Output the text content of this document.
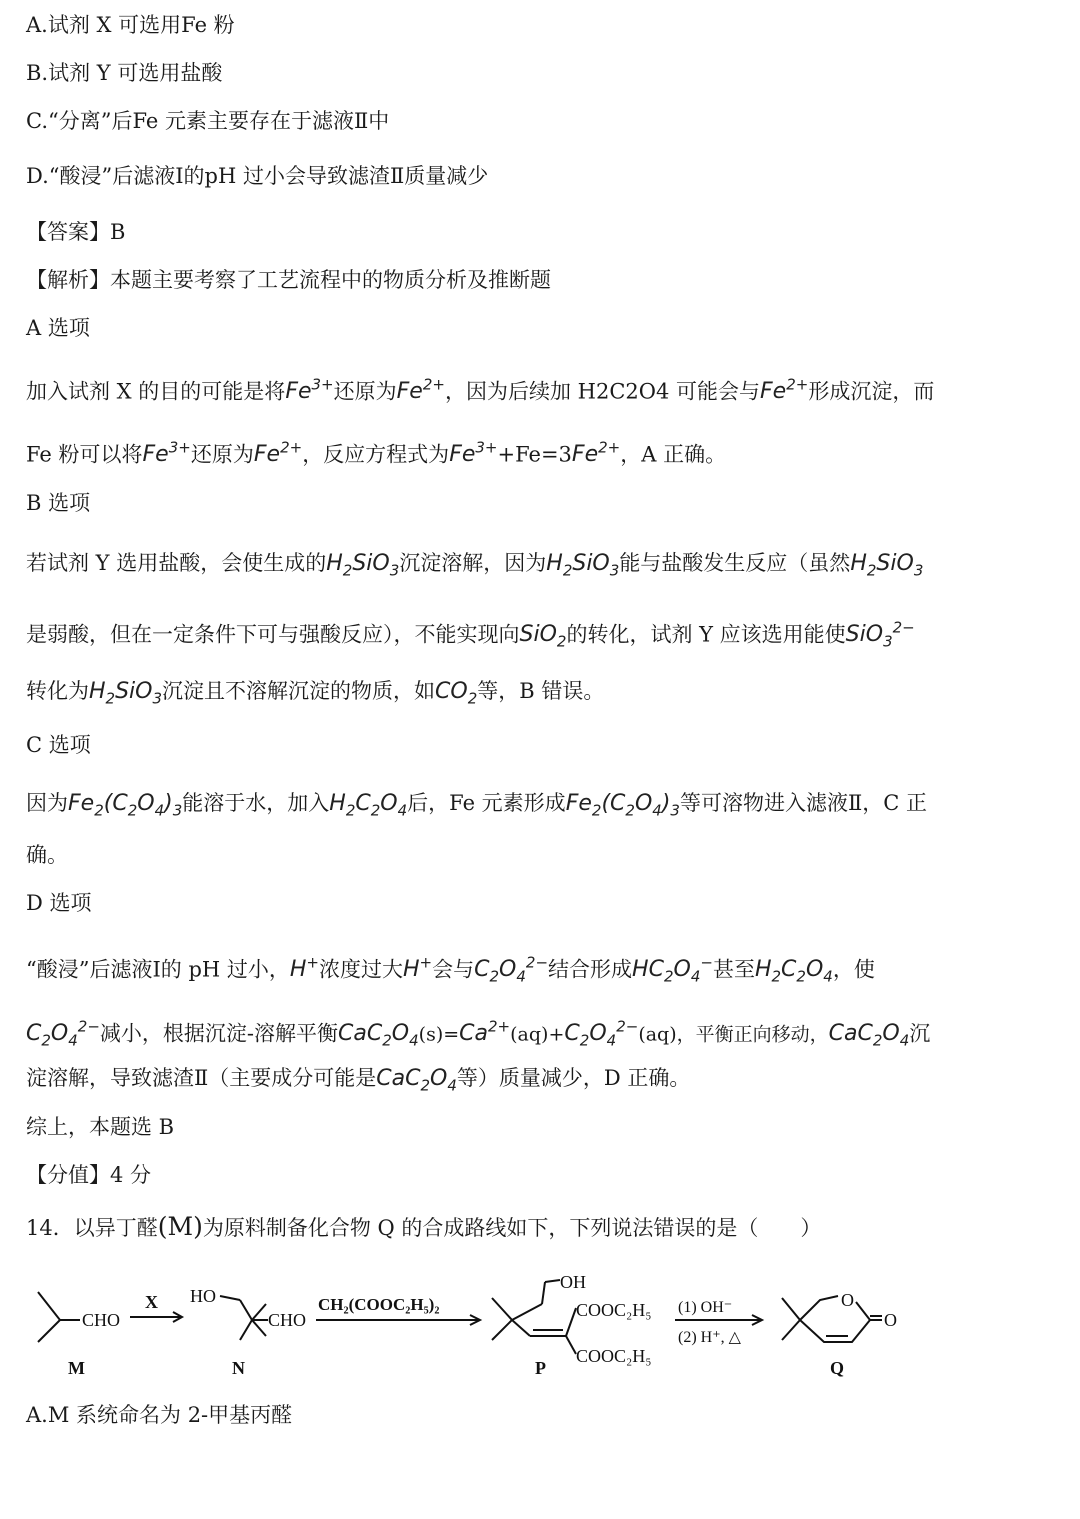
A.试剂 X 可选用Fe 粉
B.试剂 Y 可选用盐酸
C.“分离”后Fe 元素主要存在于滤液Ⅱ中
D.“酸浸”后滤液Ⅰ的pH 过小会导致滤渣Ⅱ质量减少
【答案】B
【解析】本题主要考察了工艺流程中的物质分析及推断题
A 选项
加入试剂 X 的目的可能是将$Fe^{3+}$还原为$Fe^{2+}$，因为后续加 H2C2O4 可能会与$Fe^{2+}$形成沉淀，而
Fe 粉可以将$Fe^{3+}$还原为$Fe^{2+}$，反应方程式为$Fe^{3+}+Fe=3Fe^{2+}$，A 正确。
B 选项
若试剂 Y 选用盐酸，会使生成的$H_2SiO_3$沉淀溶解，因为$H_2SiO_3$能与盐酸发生反应（虽然$H_2SiO_3$
是弱酸，但在一定条件下可与强酸反应），不能实现向SiO$_2$的转化，试剂 Y 应该选用能使SiO$_3^{2-}$
转化为$H_2SiO_3$沉淀且不溶解沉淀的物质，如$CO_2$等，B 错误。
C 选项
因为$Fe_2(C_2O_4)_3$能溶于水，加入$H_2C_2O_4$后，Fe 元素形成$Fe_2(C_2O_4)_3$等可溶物进入滤液Ⅱ，C 正
确。
D 选项
“酸浸”后滤液Ⅰ的 pH 过小，H+浓度过大H+会与$C_2O_4^{2-}$结合形成$HC_2O_4^-$甚至$H_2C_2O_4$，使
$C_2O_4^{2-}$减小，根据沉淀-溶解平衡$CaC_2O_4(s)=Ca^{2+}(aq)+C_2O_4^{2-}(aq)$，平衡正向移动，$CaC_2O_4$沉
淀溶解，导致滤渣Ⅱ（主要成分可能是$CaC_2O_4$等）质量减少，D 正确。
综上，本题选 B
【分值】4 分
14．以异丁醛(M)为原料制备化合物 Q 的合成路线如下，下列说法错误的是（　　）
CHO
M
X HO
CHO
N
CH₂(COOC₂H₅)₂
OH
COOC₂H₅
COOC₂H₅
P
(1) OH⁻
(2) H⁺, △
O
O
Q
A.M 系统命名为 2-甲基丙醛
